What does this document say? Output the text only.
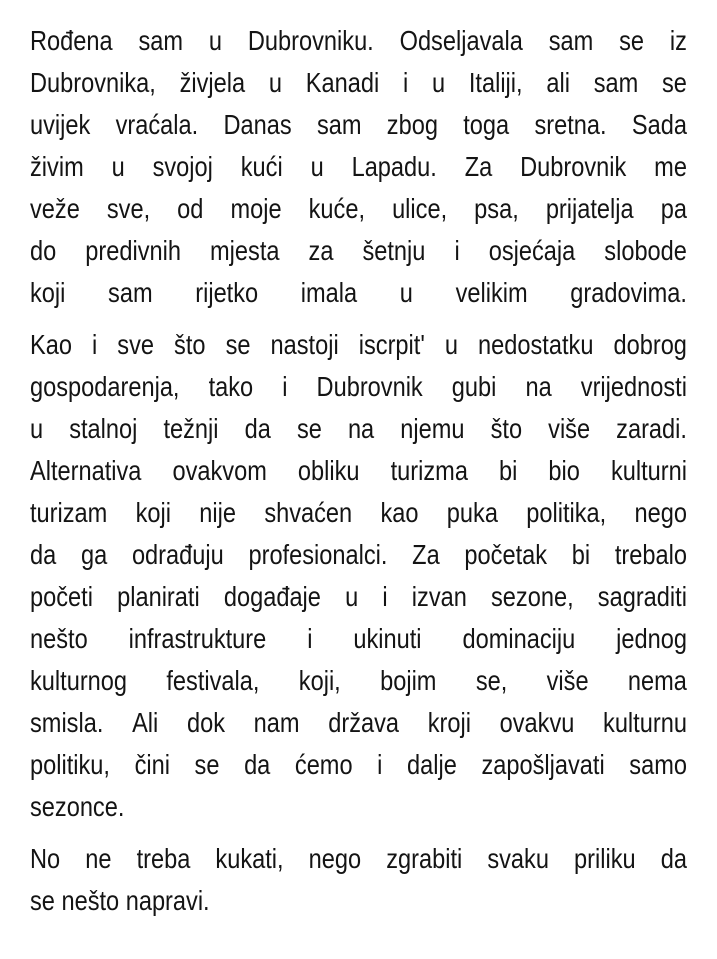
Rođena sam u Dubrovniku. Odseljavala sam se iz
Dubrovnika, živjela u Kanadi i u Italiji, ali sam se
uvijek vraćala. Danas sam zbog toga sretna. Sada
živim u svojoj kući u Lapadu. Za Dubrovnik me
veže sve, od moje kuće, ulice, psa, prijatelja pa
do predivnih mjesta za šetnju i osjećaja slobode
koji sam rijetko imala u velikim gradovima.
Kao i sve što se nastoji iscrpit' u nedostatku dobrog
gospodarenja, tako i Dubrovnik gubi na vrijednosti
u stalnoj težnji da se na njemu što više zaradi.
Alternativa ovakvom obliku turizma bi bio kulturni
turizam koji nije shvaćen kao puka politika, nego
da ga odrađuju profesionalci. Za početak bi trebalo
početi planirati događaje u i izvan sezone, sagraditi
nešto infrastrukture i ukinuti dominaciju jednog
kulturnog festivala, koji, bojim se, više nema
smisla. Ali dok nam država kroji ovakvu kulturnu
politiku, čini se da ćemo i dalje zapošljavati samo
sezonce.
No ne treba kukati, nego zgrabiti svaku priliku da
se nešto napravi.
